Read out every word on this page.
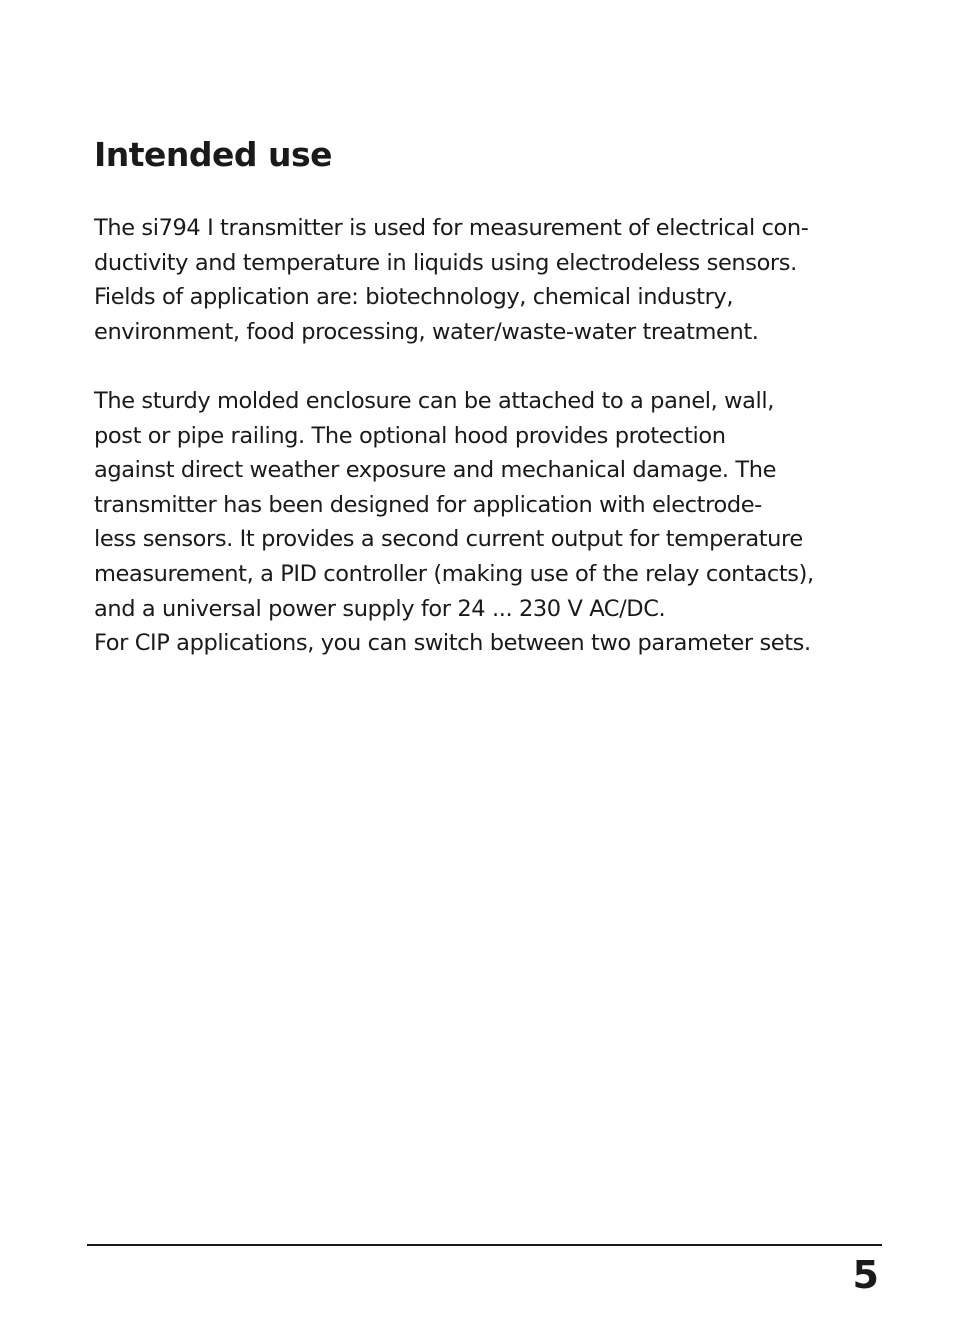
Intended use

The si794 I transmitter is used for measurement of electrical con-
ductivity and temperature in liquids using electrodeless sensors.
Fields of application are: biotechnology, chemical industry,
environment, food processing, water/waste-water treatment.

The sturdy molded enclosure can be attached to a panel, wall,
post or pipe railing. The optional hood provides protection
against direct weather exposure and mechanical damage. The
transmitter has been designed for application with electrode-
less sensors. It provides a second current output for temperature
measurement, a PID controller (making use of the relay contacts),
and a universal power supply for 24 ... 230 V AC/DC.
For CIP applications, you can switch between two parameter sets.

5
